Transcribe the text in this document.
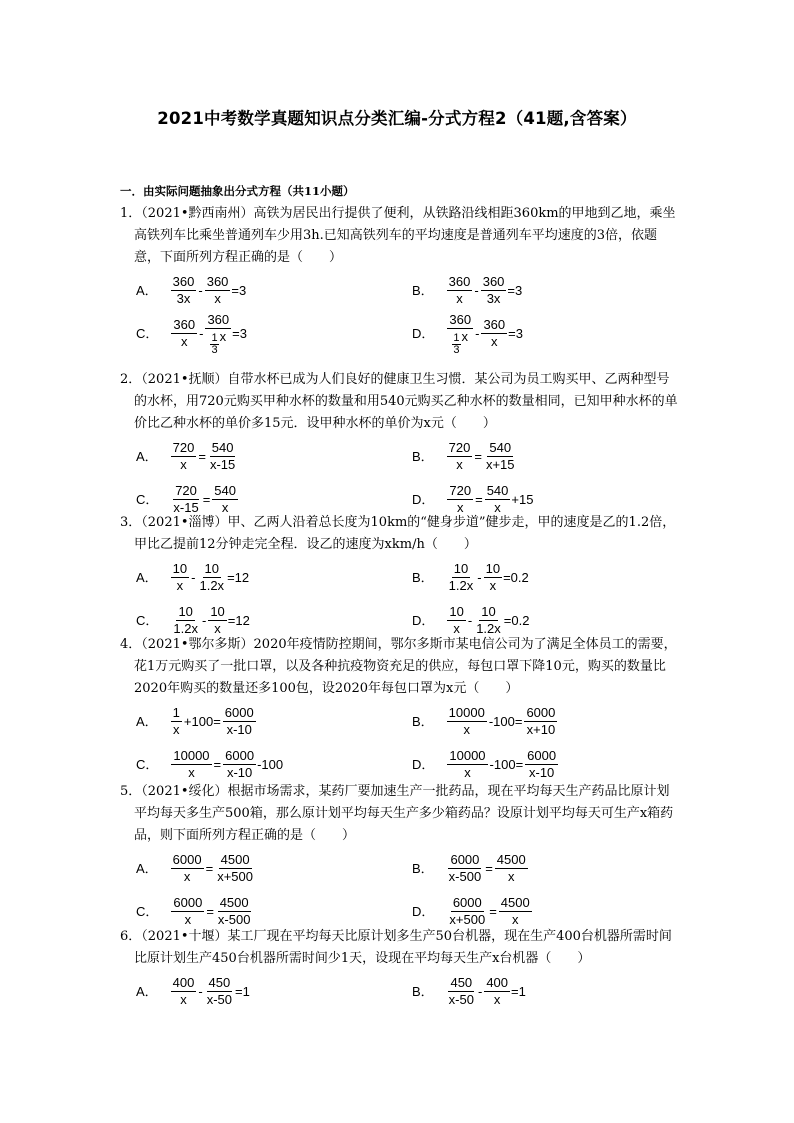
2021中考数学真题知识点分类汇编-分式方程2（41题,含答案）
一．由实际问题抽象出分式方程（共11小题）
1．（2021•黔西南州）高铁为居民出行提供了便利，从铁路沿线相距360km的甲地到乙地，乘坐高铁列车比乘坐普通列车少用3h.已知高铁列车的平均速度是普通列车平均速度的3倍，依题意，下面所列方程正确的是（　　）
A． $\frac{360}{3x} - \frac{360}{x} =3$	B． $\frac{360}{x} - \frac{360}{3x} =3$
C． $\frac{360}{x} - \frac{360}{\frac{1}{3} x} =3$	D． $\frac{360}{\frac{1}{3} x} - \frac{360}{x} =3$
2．（2021•抚顺）自带水杯已成为人们良好的健康卫生习惯．某公司为员工购买甲、乙两种型号的水杯，用720元购买甲种水杯的数量和用540元购买乙种水杯的数量相同，已知甲种水杯的单价比乙种水杯的单价多15元．设甲种水杯的单价为x元（　　）
A． $\frac{720}{x} = \frac{540}{x-15}$	B． $\frac{720}{x} = \frac{540}{x+15}$
C． $\frac{720}{x-15} = \frac{540}{x}$	D． $\frac{720}{x} = \frac{540}{x} +15$
3．（2021•淄博）甲、乙两人沿着总长度为10km的“健身步道”健步走，甲的速度是乙的1.2倍，甲比乙提前12分钟走完全程．设乙的速度为xkm/h（　　）
A． $\frac{10}{x} - \frac{10}{1.2x} =12$	B． $\frac{10}{1.2x} - \frac{10}{x} =0.2$
C． $\frac{10}{1.2x} - \frac{10}{x} =12$	D． $\frac{10}{x} - \frac{10}{1.2x} =0.2$
4．（2021•鄂尔多斯）2020年疫情防控期间，鄂尔多斯市某电信公司为了满足全体员工的需要，花1万元购买了一批口罩，以及各种抗疫物资充足的供应，每包口罩下降10元，购买的数量比2020年购买的数量还多100包，设2020年每包口罩为x元（　　）
A． $\frac{1}{x} +100= \frac{6000}{x-10}$	B． $\frac{10000}{x} -100= \frac{6000}{x+10}$
C． $\frac{10000}{x} = \frac{6000}{x-10} -100$	D． $\frac{10000}{x} -100= \frac{6000}{x-10}$
5．（2021•绥化）根据市场需求，某药厂要加速生产一批药品，现在平均每天生产药品比原计划平均每天多生产500箱，那么原计划平均每天生产多少箱药品？设原计划平均每天可生产x箱药品，则下面所列方程正确的是（　　）
A． $\frac{6000}{x} = \frac{4500}{x+500}$	B． $\frac{6000}{x-500} = \frac{4500}{x}$
C． $\frac{6000}{x} = \frac{4500}{x-500}$	D． $\frac{6000}{x+500} = \frac{4500}{x}$
6．（2021•十堰）某工厂现在平均每天比原计划多生产50台机器，现在生产400台机器所需时间比原计划生产450台机器所需时间少1天，设现在平均每天生产x台机器（　　）
A． $\frac{400}{x} - \frac{450}{x-50} =1$	B． $\frac{450}{x-50} - \frac{400}{x} =1$
